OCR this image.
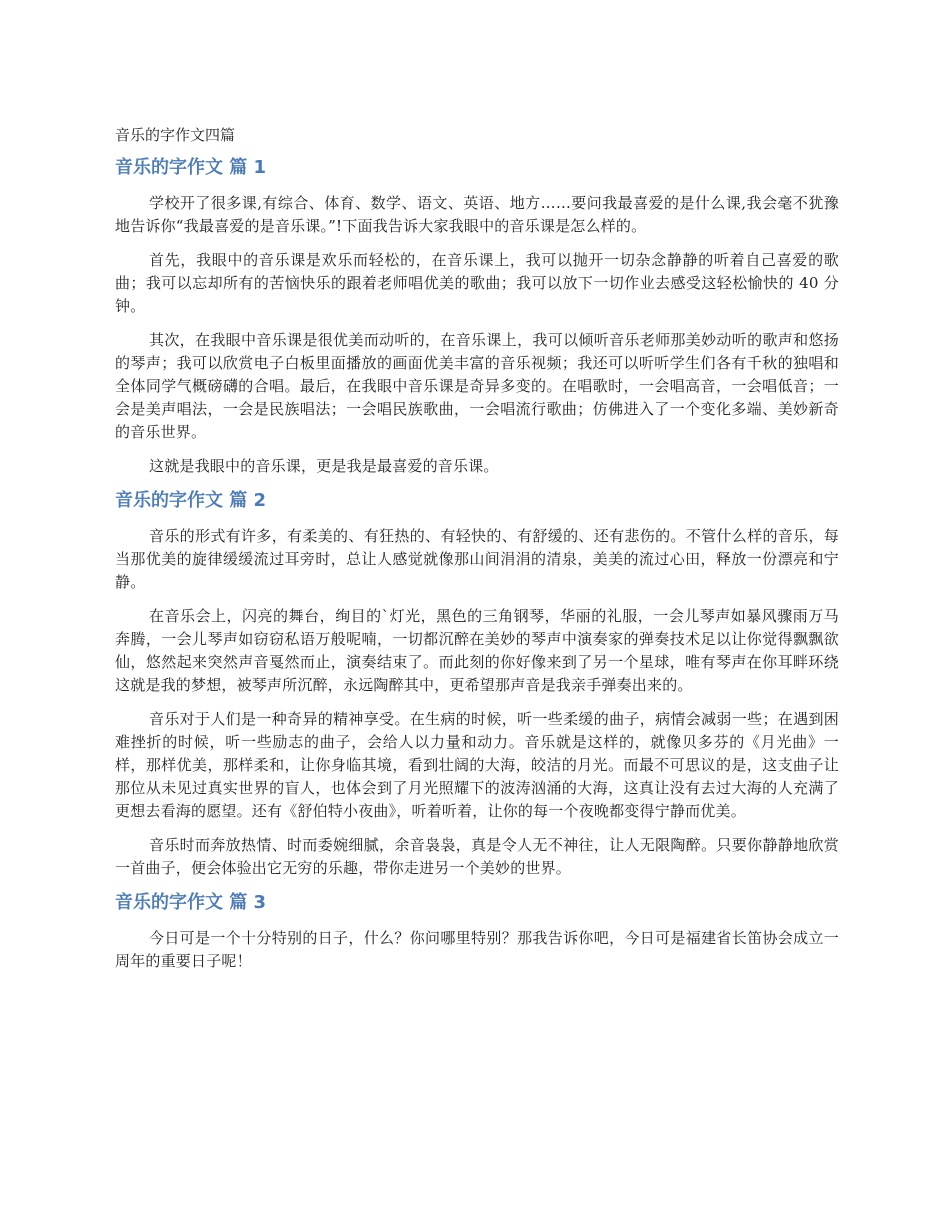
音乐的字作文四篇
音乐的字作文 篇 1

学校开了很多课,有综合、体育、数学、语文、英语、地方……要问我最喜爱的是什么课,我会毫不犹豫地告诉你“我最喜爱的是音乐课。”!下面我告诉大家我眼中的音乐课是怎么样的。

首先，我眼中的音乐课是欢乐而轻松的，在音乐课上，我可以抛开一切杂念静静的听着自己喜爱的歌曲；我可以忘却所有的苦恼快乐的跟着老师唱优美的歌曲；我可以放下一切作业去感受这轻松愉快的 40 分钟。

其次，在我眼中音乐课是很优美而动听的，在音乐课上，我可以倾听音乐老师那美妙动听的歌声和悠扬的琴声；我可以欣赏电子白板里面播放的画面优美丰富的音乐视频；我还可以听听学生们各有千秋的独唱和全体同学气概磅礴的合唱。最后，在我眼中音乐课是奇异多变的。在唱歌时，一会唱高音，一会唱低音；一会是美声唱法，一会是民族唱法；一会唱民族歌曲，一会唱流行歌曲；仿佛进入了一个变化多端、美妙新奇的音乐世界。

这就是我眼中的音乐课，更是我是最喜爱的音乐课。

音乐的字作文 篇 2

音乐的形式有许多，有柔美的、有狂热的、有轻快的、有舒缓的、还有悲伤的。不管什么样的音乐，每当那优美的旋律缓缓流过耳旁时，总让人感觉就像那山间涓涓的清泉，美美的流过心田，释放一份漂亮和宁静。

在音乐会上，闪亮的舞台，绚目的`灯光，黑色的三角钢琴，华丽的礼服，一会儿琴声如暴风骤雨万马奔腾，一会儿琴声如窃窃私语万般呢喃，一切都沉醉在美妙的琴声中演奏家的弹奏技术足以让你觉得飘飘欲仙，悠然起来突然声音戛然而止，演奏结束了。而此刻的你好像来到了另一个星球，唯有琴声在你耳畔环绕这就是我的梦想，被琴声所沉醉，永远陶醉其中，更希望那声音是我亲手弹奏出来的。

音乐对于人们是一种奇异的精神享受。在生病的时候，听一些柔缓的曲子，病情会减弱一些；在遇到困难挫折的时候，听一些励志的曲子，会给人以力量和动力。音乐就是这样的，就像贝多芬的《月光曲》一样，那样优美，那样柔和，让你身临其境，看到壮阔的大海，皎洁的月光。而最不可思议的是，这支曲子让那位从未见过真实世界的盲人，也体会到了月光照耀下的波涛汹涌的大海，这真让没有去过大海的人充满了更想去看海的愿望。还有《舒伯特小夜曲》，听着听着，让你的每一个夜晚都变得宁静而优美。

音乐时而奔放热情、时而委婉细腻，余音袅袅，真是令人无不神往，让人无限陶醉。只要你静静地欣赏一首曲子，便会体验出它无穷的乐趣，带你走进另一个美妙的世界。

音乐的字作文 篇 3

今日可是一个十分特别的日子，什么？你问哪里特别？那我告诉你吧，今日可是福建省长笛协会成立一周年的重要日子呢！
